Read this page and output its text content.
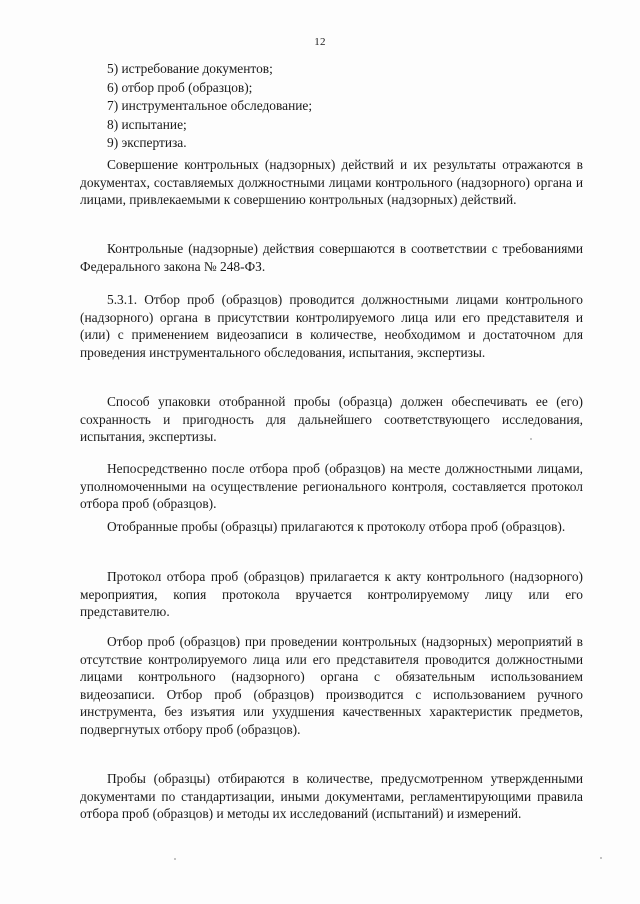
12
5) истребование документов;
6) отбор проб (образцов);
7) инструментальное обследование;
8) испытание;
9) экспертиза.

Совершение контрольных (надзорных) действий и их результаты отражаются в документах, составляемых должностными лицами контрольного (надзорного) органа и лицами, привлекаемыми к совершению контрольных (надзорных) действий.

Контрольные (надзорные) действия совершаются в соответствии с требованиями Федерального закона № 248-ФЗ.

5.3.1. Отбор проб (образцов) проводится должностными лицами контрольного (надзорного) органа в присутствии контролируемого лица или его представителя и (или) с применением видеозаписи в количестве, необходимом и достаточном для проведения инструментального обследования, испытания, экспертизы.

Способ упаковки отобранной пробы (образца) должен обеспечивать ее (его) сохранность и пригодность для дальнейшего соответствующего исследования, испытания, экспертизы.

Непосредственно после отбора проб (образцов) на месте должностными лицами, уполномоченными на осуществление регионального контроля, составляется протокол отбора проб (образцов).

Отобранные пробы (образцы) прилагаются к протоколу отбора проб (образцов).

Протокол отбора проб (образцов) прилагается к акту контрольного (надзорного) мероприятия, копия протокола вручается контролируемому лицу или его представителю.

Отбор проб (образцов) при проведении контрольных (надзорных) мероприятий в отсутствие контролируемого лица или его представителя проводится должностными лицами контрольного (надзорного) органа с обязательным использованием видеозаписи. Отбор проб (образцов) производится с использованием ручного инструмента, без изъятия или ухудшения качественных характеристик предметов, подвергнутых отбору проб (образцов).

Пробы (образцы) отбираются в количестве, предусмотренном утвержденными документами по стандартизации, иными документами, регламентирующими правила отбора проб (образцов) и методы их исследований (испытаний) и измерений.
